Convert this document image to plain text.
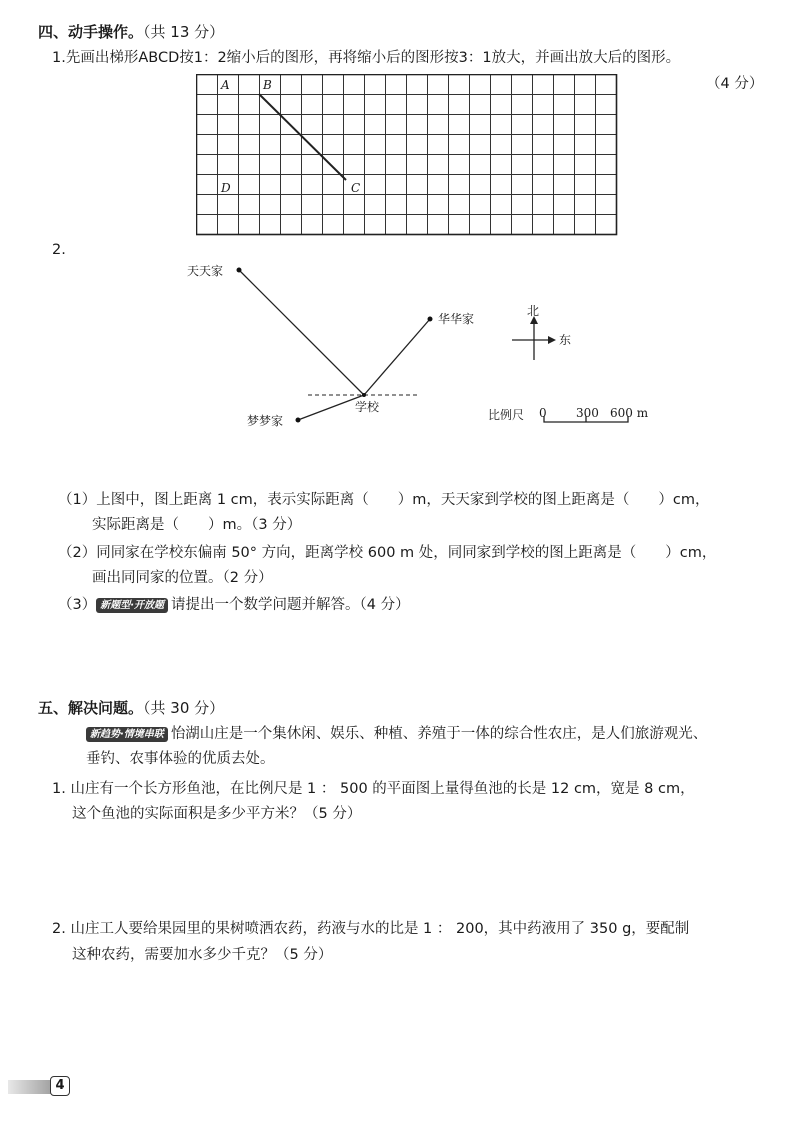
四、动手操作。（共 13 分）
1.先画出梯形ABCD按1：2缩小后的图形，再将缩小后的图形按3：1放大，并画出放大后的图形。
（4 分）
A	B
C
D
2.
天天家
华华家
梦梦家
学校
北
东
比例尺 0 300 600 m
（1）上图中，图上距离 1 cm，表示实际距离（　　）m，天天家到学校的图上距离是（　　）cm，
实际距离是（　　）m。（3 分）
（2）同同家在学校东偏南 50° 方向，距离学校 600 m 处，同同家到学校的图上距离是（　　）cm，
画出同同家的位置。（2 分）
（3） 新题型·开放题 请提出一个数学问题并解答。（4 分）
五、解决问题。（共 30 分）
新趋势·情境串联 怡湖山庄是一个集休闲、娱乐、种植、养殖于一体的综合性农庄，是人们旅游观光、
垂钓、农事体验的优质去处。
1. 山庄有一个长方形鱼池，在比例尺是 1 ： 500 的平面图上量得鱼池的长是 12 cm，宽是 8 cm，
这个鱼池的实际面积是多少平方米？（5 分）
2. 山庄工人要给果园里的果树喷洒农药，药液与水的比是 1 ： 200，其中药液用了 350 g，要配制
这种农药，需要加水多少千克？（5 分）
4
